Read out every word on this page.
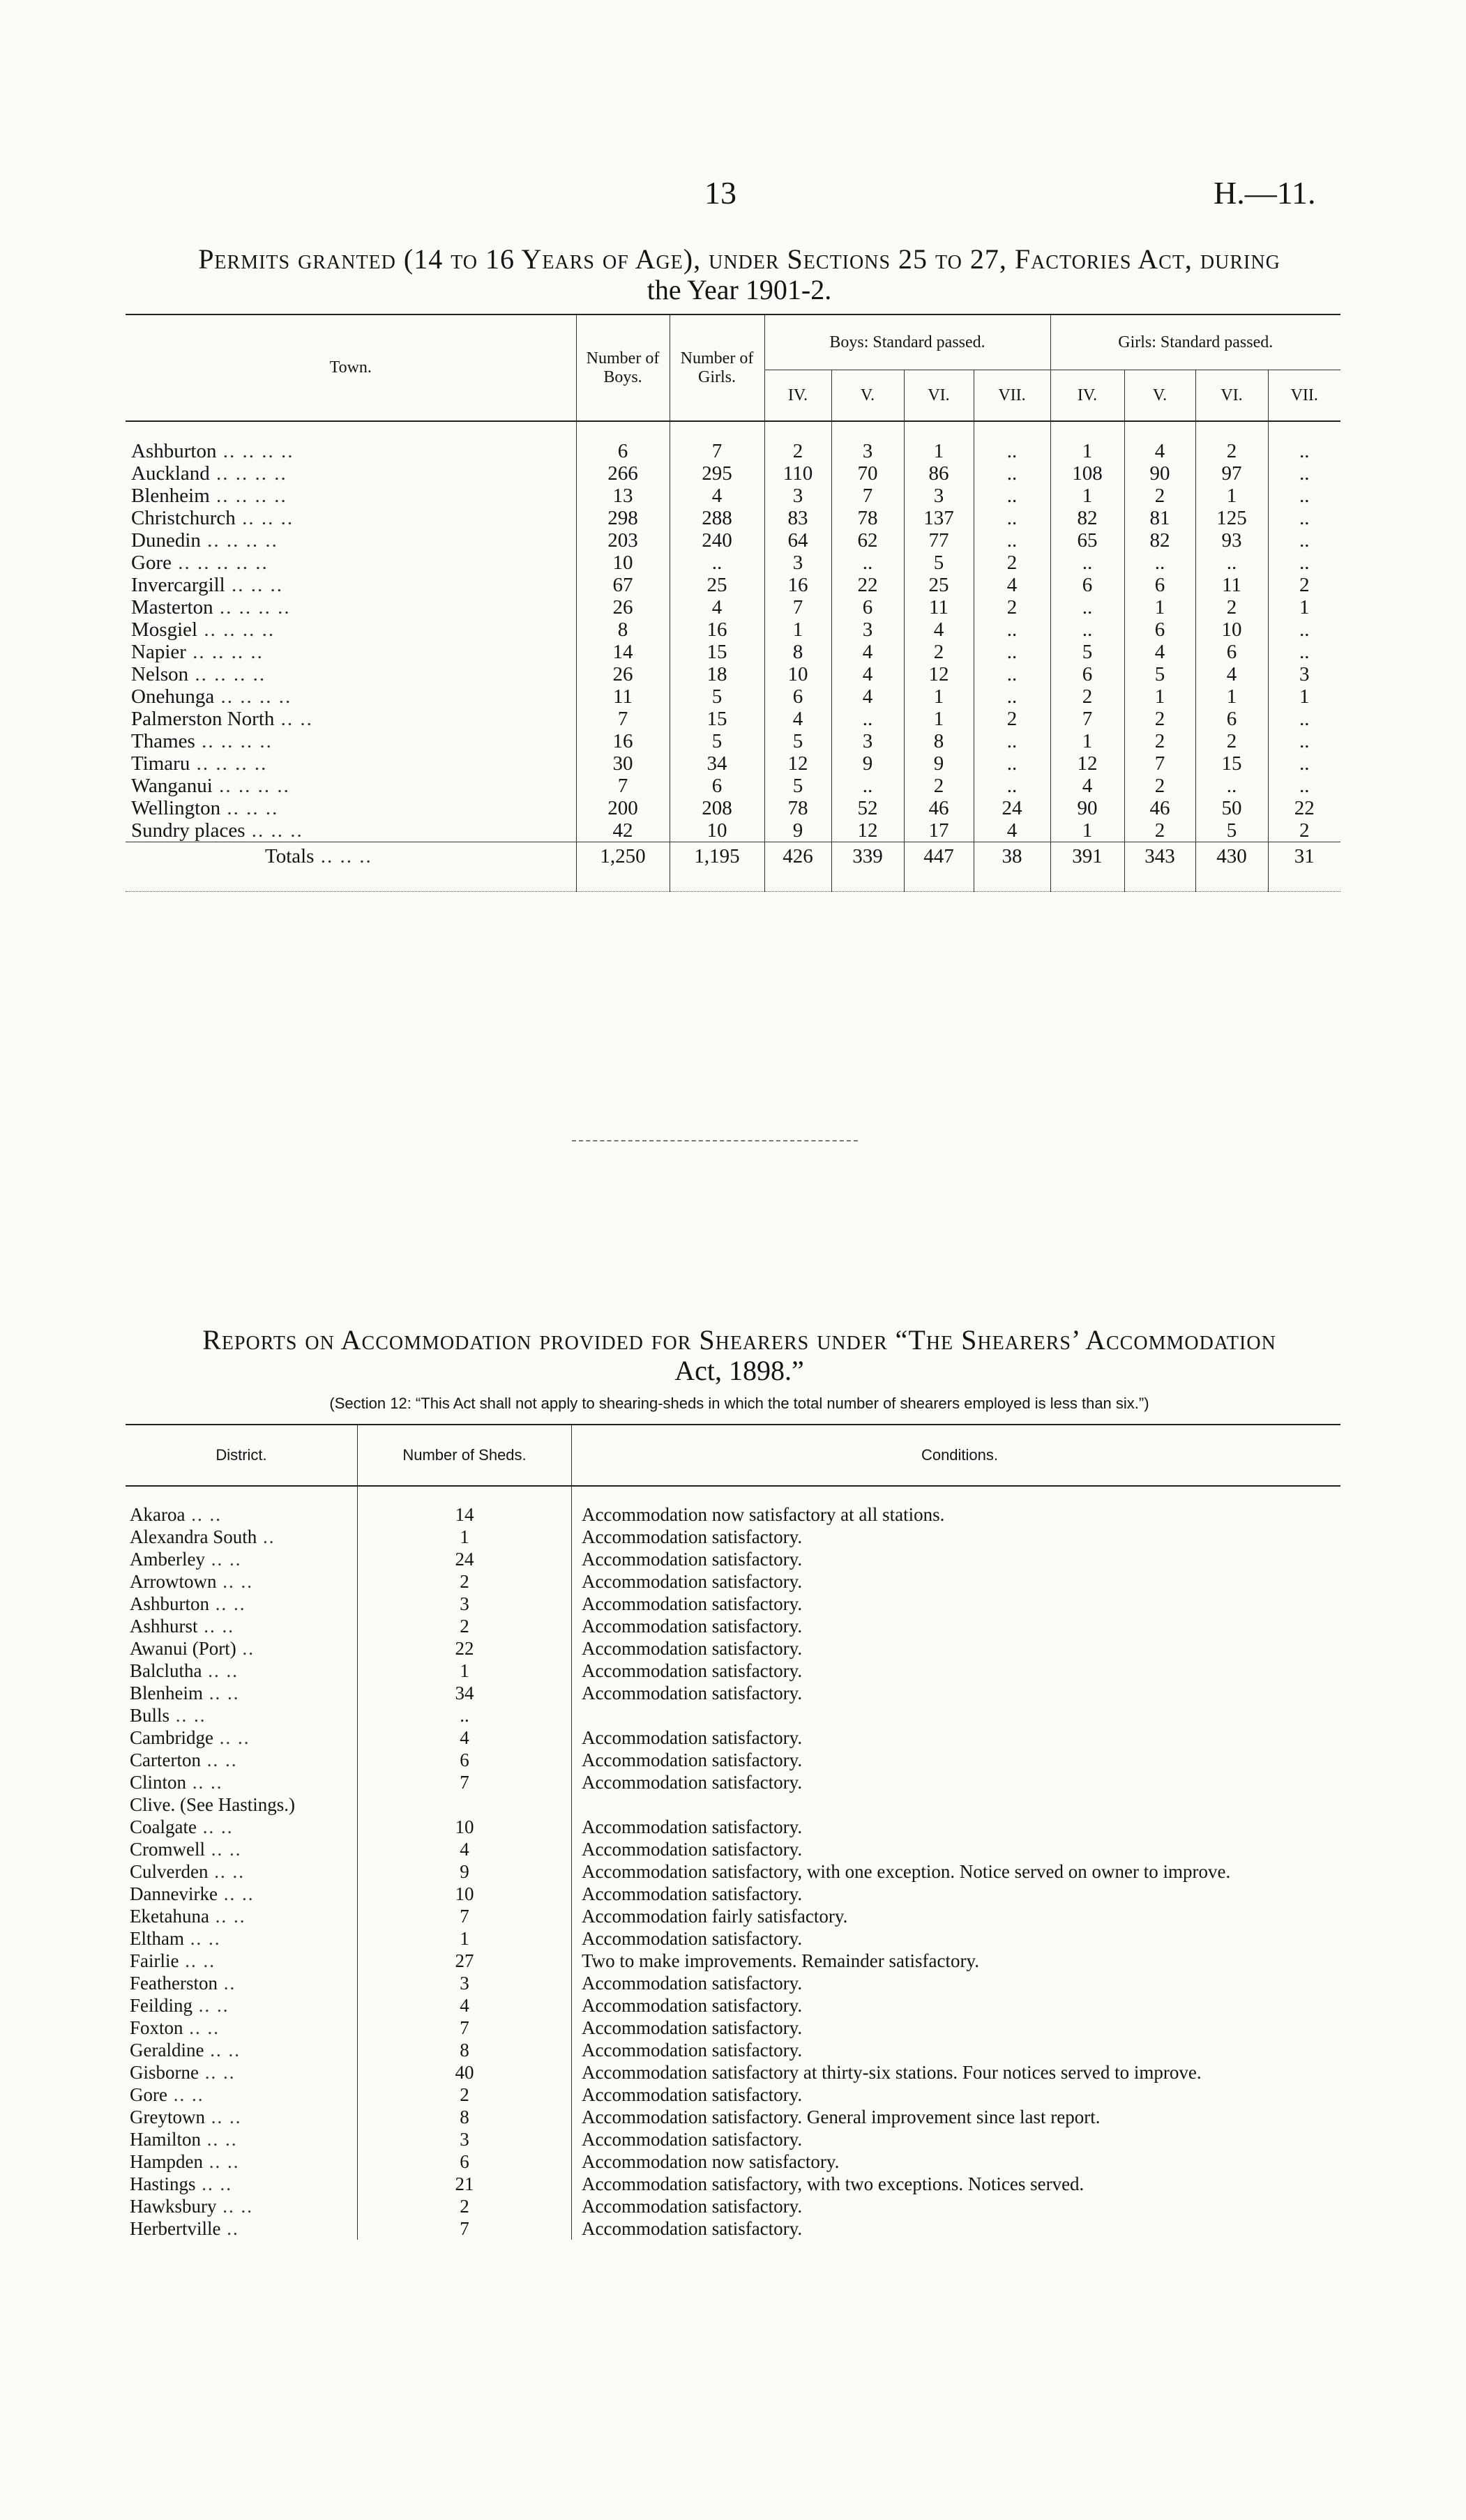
13	H.—11.
Permits granted (14 to 16 Years of Age), under Sections 25 to 27, Factories Act, during
the Year 1901-2.
Town.	Number of Boys.	Number of Girls.	Boys: Standard passed.				Girls: Standard passed.			
			IV.	V.	VI.	VII.	IV.	V.	VI.	VII.

Ashburton .. .. .. ..	6	7	2	3	1	..	1	4	2	..
Auckland .. .. .. ..	266	295	110	70	86	..	108	90	97	..
Blenheim .. .. .. ..	13	4	3	7	3	..	1	2	1	..
Christchurch .. .. ..	298	288	83	78	137	..	82	81	125	..
Dunedin .. .. .. ..	203	240	64	62	77	..	65	82	93	..
Gore .. .. .. .. ..	10	..	3	..	5	2	..	..	..	..
Invercargill .. .. ..	67	25	16	22	25	4	6	6	11	2
Masterton .. .. .. ..	26	4	7	6	11	2	..	1	2	1
Mosgiel .. .. .. ..	8	16	1	3	4	..	..	6	10	..
Napier .. .. .. ..	14	15	8	4	2	..	5	4	6	..
Nelson .. .. .. ..	26	18	10	4	12	..	6	5	4	3
Onehunga .. .. .. ..	11	5	6	4	1	..	2	1	1	1
Palmerston North .. ..	7	15	4	..	1	2	7	2	6	..
Thames .. .. .. ..	16	5	5	3	8	..	1	2	2	..
Timaru .. .. .. ..	30	34	12	9	9	..	12	7	15	..
Wanganui .. .. .. ..	7	6	5	..	2	..	4	2	..	..
Wellington .. .. ..	200	208	78	52	46	24	90	46	50	22
Sundry places .. .. ..	42	10	9	12	17	4	1	2	5	2
Totals .. .. ..	1,250	1,195	426	339	447	38	391	343	430	31

Reports on Accommodation provided for Shearers under “The Shearers’ Accommodation
Act, 1898.”
(Section 12: “This Act shall not apply to shearing-sheds in which the total number of shearers employed is less than six.”)
District.	Number of Sheds.	Conditions.

Akaroa .. ..	14	Accommodation now satisfactory at all stations.
Alexandra South ..	1	Accommodation satisfactory.
Amberley .. ..	24	Accommodation satisfactory.
Arrowtown .. ..	2	Accommodation satisfactory.
Ashburton .. ..	3	Accommodation satisfactory.
Ashhurst .. ..	2	Accommodation satisfactory.
Awanui (Port) ..	22	Accommodation satisfactory.
Balclutha .. ..	1	Accommodation satisfactory.
Blenheim .. ..	34	Accommodation satisfactory.
Bulls .. ..	..	
Cambridge .. ..	4	Accommodation satisfactory.
Carterton .. ..	6	Accommodation satisfactory.
Clinton .. ..	7	Accommodation satisfactory.
Clive. (See Hastings.)		
Coalgate .. ..	10	Accommodation satisfactory.
Cromwell .. ..	4	Accommodation satisfactory.
Culverden .. ..	9	Accommodation satisfactory, with one exception. Notice served on owner to improve.
Dannevirke .. ..	10	Accommodation satisfactory.
Eketahuna .. ..	7	Accommodation fairly satisfactory.
Eltham .. ..	1	Accommodation satisfactory.
Fairlie .. ..	27	Two to make improvements. Remainder satisfactory.
Featherston ..	3	Accommodation satisfactory.
Feilding .. ..	4	Accommodation satisfactory.
Foxton .. ..	7	Accommodation satisfactory.
Geraldine .. ..	8	Accommodation satisfactory.
Gisborne .. ..	40	Accommodation satisfactory at thirty-six stations. Four notices served to improve.
Gore .. ..	2	Accommodation satisfactory.
Greytown .. ..	8	Accommodation satisfactory. General improvement since last report.
Hamilton .. ..	3	Accommodation satisfactory.
Hampden .. ..	6	Accommodation now satisfactory.
Hastings .. ..	21	Accommodation satisfactory, with two exceptions. Notices served.
Hawksbury .. ..	2	Accommodation satisfactory.
Herbertville ..	7	Accommodation satisfactory.
